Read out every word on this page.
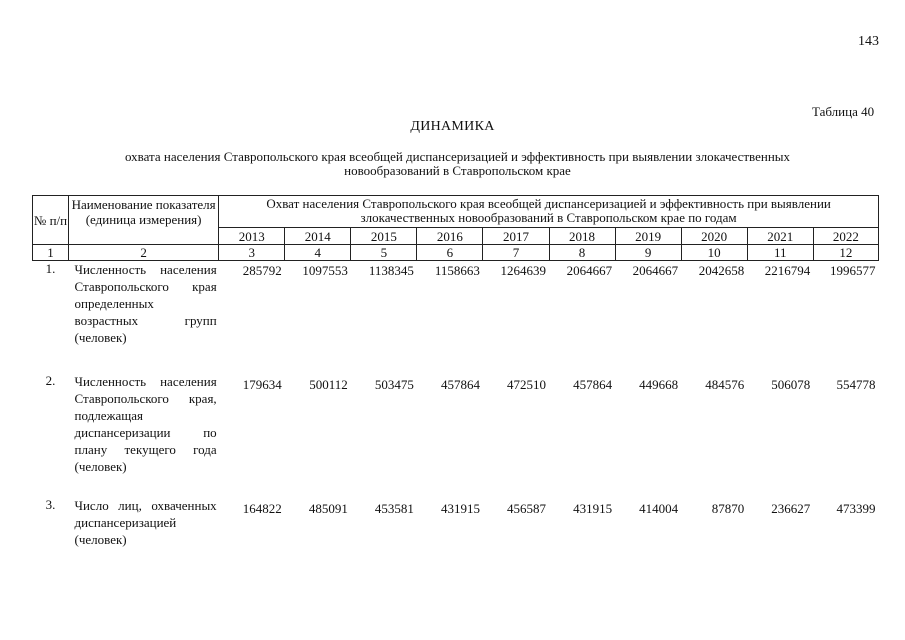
143
Таблица 40
ДИНАМИКА
охвата населения Ставропольского края всеобщей диспансеризацией и эффективность при выявлении злокачественных
новообразований в Ставропольском крае
№ п/п	Наименование показателя (единица измерения)	Охват населения Ставропольского края всеобщей диспансеризацией и эффективность при выявлении злокачественных новообразований в Ставропольском крае по годам									
		2013	2014	2015	2016	2017	2018	2019	2020	2021	2022
1	2	3	4	5	6	7	8	9	10	11	12
1.	Численность населения Ставропольского края определенных возрастных групп (человек)	285792	1097553	1138345	1158663	1264639	2064667	2064667	2042658	2216794	1996577
2.	Численность населения Ставропольского края, подлежащая диспансеризации по плану текущего года (человек)	179634	500112	503475	457864	472510	457864	449668	484576	506078	554778
3.	Число лиц, охваченных диспансеризацией (человек)	164822	485091	453581	431915	456587	431915	414004	87870	236627	473399
